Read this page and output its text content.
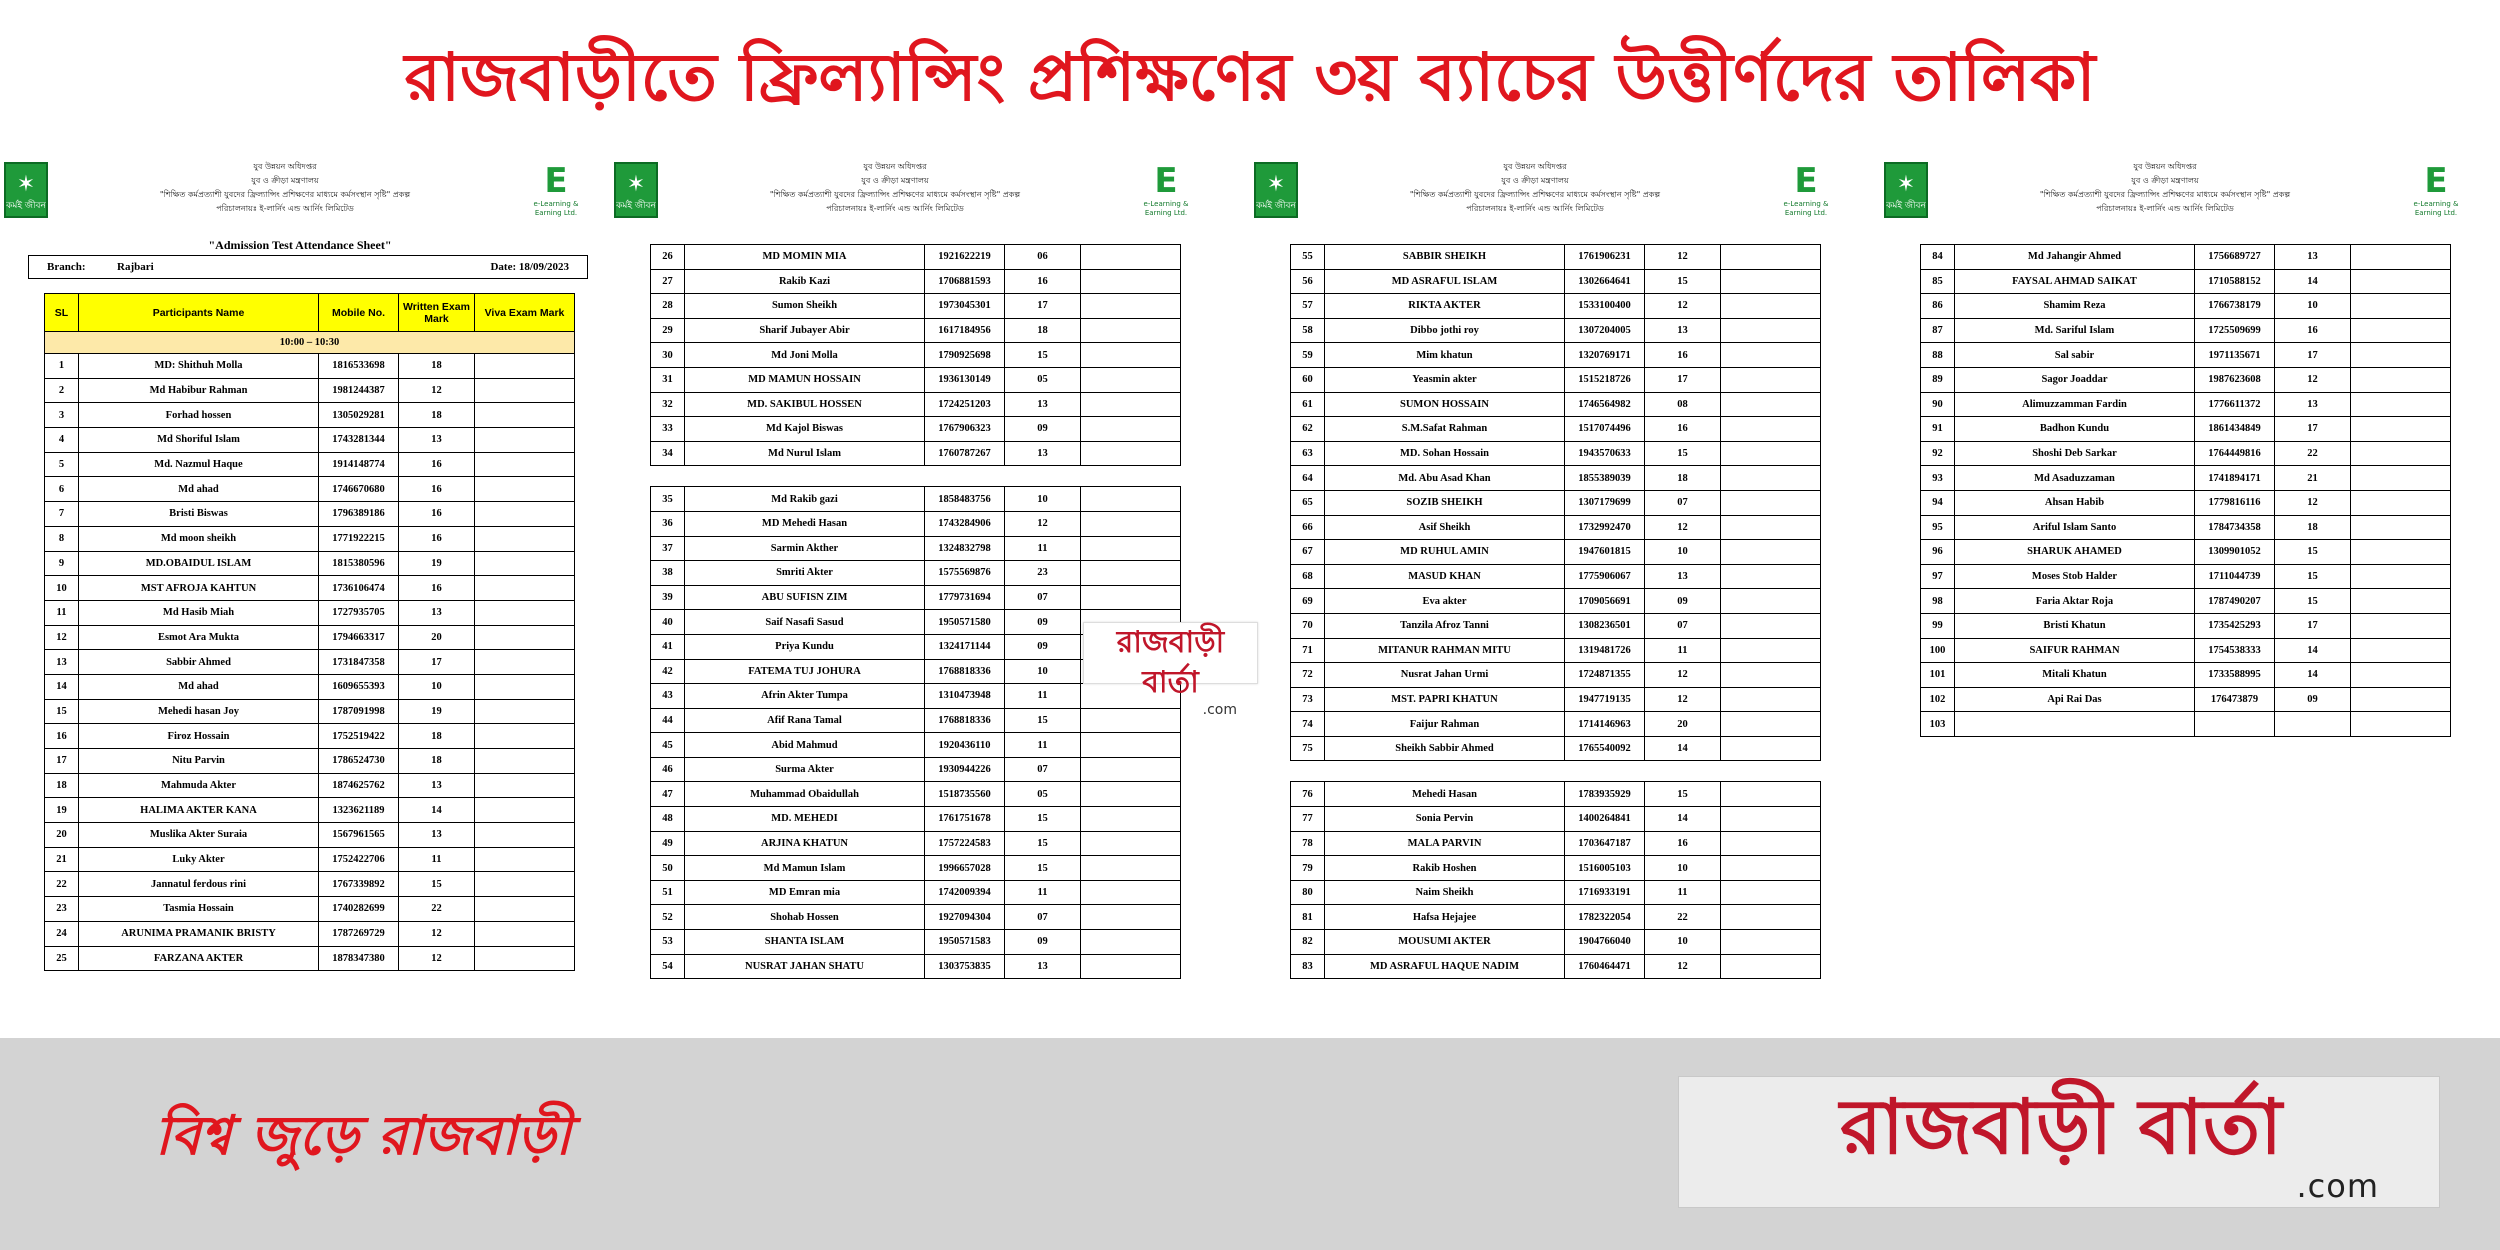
রাজবাড়ীতে ফ্রিল্যান্সিং প্রশিক্ষণের ৩য় ব্যাচের উত্তীর্ণদের তালিকা
✶
কর্মই জীবন
যুব উন্নয়ন অধিদপ্তর
যুব ও ক্রীড়া মন্ত্রণালয়
"শিক্ষিত কর্মপ্রত্যাশী যুবদের ফ্রিল্যান্সিং প্রশিক্ষণের মাধ্যমে কর্মসংস্থান সৃষ্টি" প্রকল্প
পরিচালনায়ঃ ই-লার্নিং এন্ড আর্নিং লিমিটেড
E
e-Learning & Earning Ltd.
"Admission Test Attendance Sheet"
Branch:	Rajbari	Date: 18/09/2023
SL	Participants Name	Mobile No.	Written Exam Mark	Viva Exam Mark
10:00 – 10:30				
1	MD: Shithuh Molla	1816533698	18	
2	Md Habibur Rahman	1981244387	12	
3	Forhad hossen	1305029281	18	
4	Md Shoriful Islam	1743281344	13	
5	Md. Nazmul Haque	1914148774	16	
6	Md ahad	1746670680	16	
7	Bristi Biswas	1796389186	16	
8	Md moon sheikh	1771922215	16	
9	MD.OBAIDUL ISLAM	1815380596	19	
10	MST AFROJA KAHTUN	1736106474	16	
11	Md Hasib Miah	1727935705	13	
12	Esmot Ara Mukta	1794663317	20	
13	Sabbir Ahmed	1731847358	17	
14	Md ahad	1609655393	10	
15	Mehedi hasan Joy	1787091998	19	
16	Firoz Hossain	1752519422	18	
17	Nitu Parvin	1786524730	18	
18	Mahmuda Akter	1874625762	13	
19	HALIMA AKTER KANA	1323621189	14	
20	Muslika Akter Suraia	1567961565	13	
21	Luky Akter	1752422706	11	
22	Jannatul ferdous rini	1767339892	15	
23	Tasmia Hossain	1740282699	22	
24	ARUNIMA PRAMANIK BRISTY	1787269729	12	
25	FARZANA AKTER	1878347380	12	
✶
কর্মই জীবন
যুব উন্নয়ন অধিদপ্তর
যুব ও ক্রীড়া মন্ত্রণালয়
"শিক্ষিত কর্মপ্রত্যাশী যুবদের ফ্রিল্যান্সিং প্রশিক্ষণের মাধ্যমে কর্মসংস্থান সৃষ্টি" প্রকল্প
পরিচালনায়ঃ ই-লার্নিং এন্ড আর্নিং লিমিটেড
E
e-Learning & Earning Ltd.
26	MD MOMIN MIA	1921622219	06	
27	Rakib Kazi	1706881593	16	
28	Sumon Sheikh	1973045301	17	
29	Sharif Jubayer Abir	1617184956	18	
30	Md Joni Molla	1790925698	15	
31	MD MAMUN HOSSAIN	1936130149	05	
32	MD. SAKIBUL HOSSEN	1724251203	13	
33	Md Kajol Biswas	1767906323	09	
34	Md Nurul Islam	1760787267	13	
35	Md Rakib gazi	1858483756	10	
36	MD Mehedi Hasan	1743284906	12	
37	Sarmin Akther	1324832798	11	
38	Smriti Akter	1575569876	23	
39	ABU SUFISN ZIM	1779731694	07	
40	Saif Nasafi Sasud	1950571580	09	
41	Priya Kundu	1324171144	09	
42	FATEMA TUJ JOHURA	1768818336	10	
43	Afrin Akter Tumpa	1310473948	11	
44	Afif Rana Tamal	1768818336	15	
45	Abid Mahmud	1920436110	11	
46	Surma Akter	1930944226	07	
47	Muhammad Obaidullah	1518735560	05	
48	MD. MEHEDI	1761751678	15	
49	ARJINA KHATUN	1757224583	15	
50	Md Mamun Islam	1996657028	15	
51	MD Emran mia	1742009394	11	
52	Shohab Hossen	1927094304	07	
53	SHANTA ISLAM	1950571583	09	
54	NUSRAT JAHAN SHATU	1303753835	13	
✶
কর্মই জীবন
যুব উন্নয়ন অধিদপ্তর
যুব ও ক্রীড়া মন্ত্রণালয়
"শিক্ষিত কর্মপ্রত্যাশী যুবদের ফ্রিল্যান্সিং প্রশিক্ষণের মাধ্যমে কর্মসংস্থান সৃষ্টি" প্রকল্প
পরিচালনায়ঃ ই-লার্নিং এন্ড আর্নিং লিমিটেড
E
e-Learning & Earning Ltd.
55	SABBIR SHEIKH	1761906231	12	
56	MD ASRAFUL ISLAM	1302664641	15	
57	RIKTA AKTER	1533100400	12	
58	Dibbo jothi roy	1307204005	13	
59	Mim khatun	1320769171	16	
60	Yeasmin akter	1515218726	17	
61	SUMON HOSSAIN	1746564982	08	
62	S.M.Safat Rahman	1517074496	16	
63	MD. Sohan Hossain	1943570633	15	
64	Md. Abu Asad Khan	1855389039	18	
65	SOZIB SHEIKH	1307179699	07	
66	Asif Sheikh	1732992470	12	
67	MD RUHUL AMIN	1947601815	10	
68	MASUD KHAN	1775906067	13	
69	Eva akter	1709056691	09	
70	Tanzila Afroz Tanni	1308236501	07	
71	MITANUR RAHMAN MITU	1319481726	11	
72	Nusrat Jahan Urmi	1724871355	12	
73	MST. PAPRI KHATUN	1947719135	12	
74	Faijur Rahman	1714146963	20	
75	Sheikh Sabbir Ahmed	1765540092	14	
76	Mehedi Hasan	1783935929	15	
77	Sonia Pervin	1400264841	14	
78	MALA PARVIN	1703647187	16	
79	Rakib Hoshen	1516005103	10	
80	Naim Sheikh	1716933191	11	
81	Hafsa Hejajee	1782322054	22	
82	MOUSUMI AKTER	1904766040	10	
83	MD ASRAFUL HAQUE NADIM	1760464471	12	
✶
কর্মই জীবন
যুব উন্নয়ন অধিদপ্তর
যুব ও ক্রীড়া মন্ত্রণালয়
"শিক্ষিত কর্মপ্রত্যাশী যুবদের ফ্রিল্যান্সিং প্রশিক্ষণের মাধ্যমে কর্মসংস্থান সৃষ্টি" প্রকল্প
পরিচালনায়ঃ ই-লার্নিং এন্ড আর্নিং লিমিটেড
E
e-Learning & Earning Ltd.
84	Md Jahangir Ahmed	1756689727	13	
85	FAYSAL AHMAD SAIKAT	1710588152	14	
86	Shamim Reza	1766738179	10	
87	Md. Sariful Islam	1725509699	16	
88	Sal sabir	1971135671	17	
89	Sagor Joaddar	1987623608	12	
90	Alimuzzamman Fardin	1776611372	13	
91	Badhon Kundu	1861434849	17	
92	Shoshi Deb Sarkar	1764449816	22	
93	Md Asaduzzaman	1741894171	21	
94	Ahsan Habib	1779816116	12	
95	Ariful Islam Santo	1784734358	18	
96	SHARUK AHAMED	1309901052	15	
97	Moses Stob Halder	1711044739	15	
98	Faria Aktar Roja	1787490207	15	
99	Bristi Khatun	1735425293	17	
100	SAIFUR RAHMAN	1754538333	14	
101	Mitali Khatun	1733588995	14	
102	Api Rai Das	176473879	09	
103				
রাজবাড়ী বার্তা
.com
বিশ্ব জুড়ে রাজবাড়ী	রাজবাড়ী বার্তা
.com
